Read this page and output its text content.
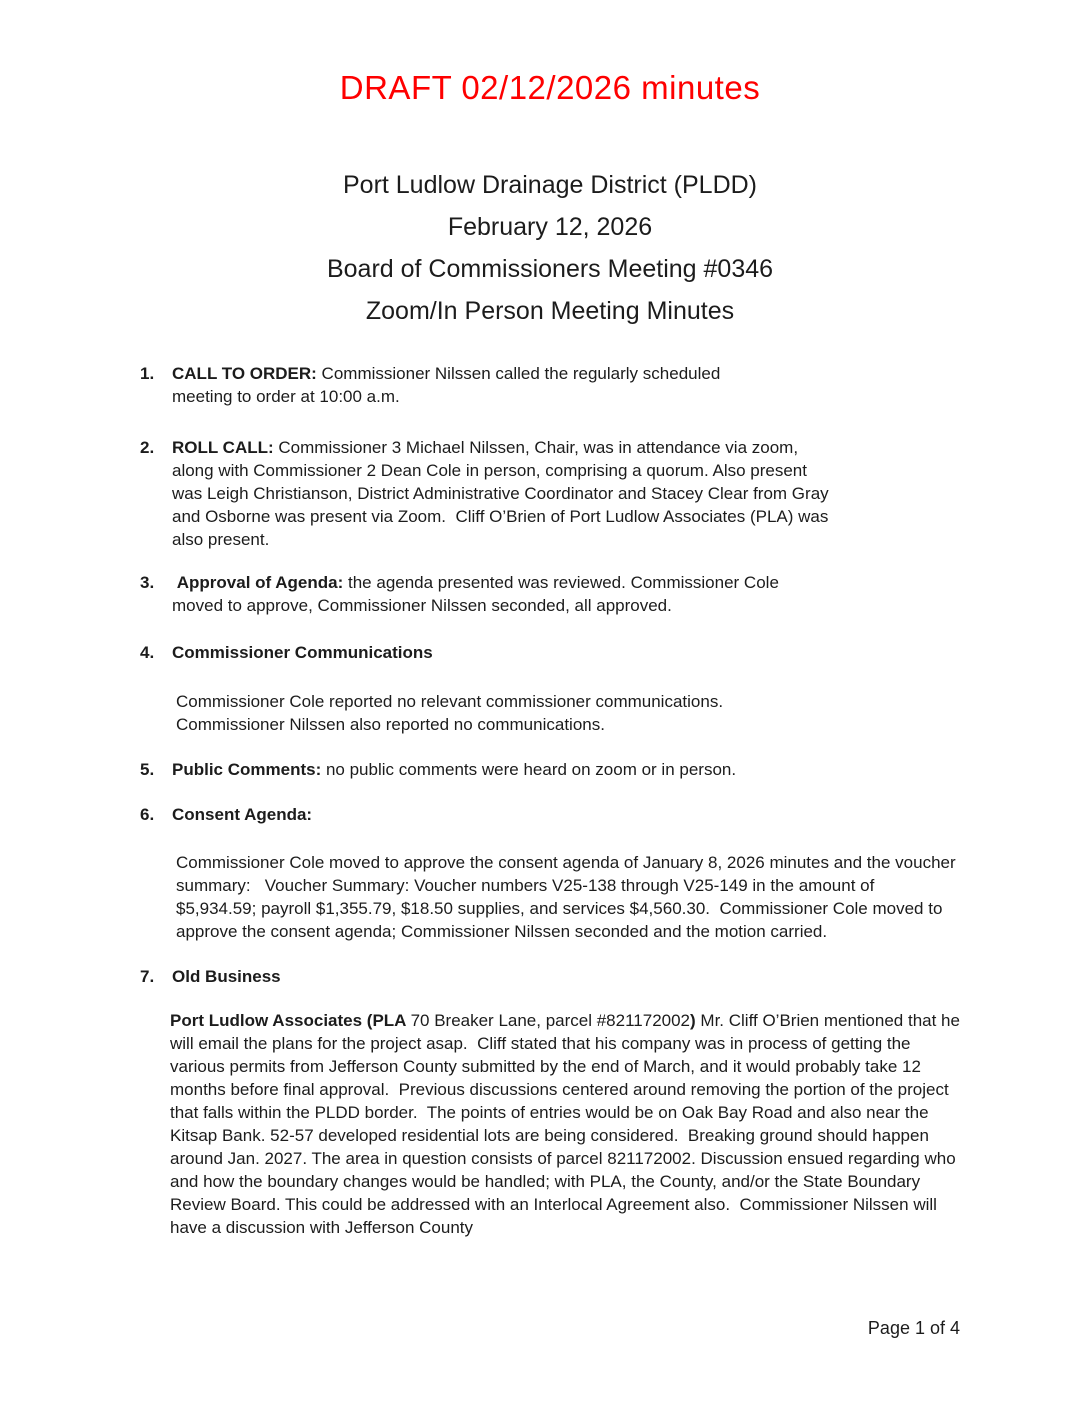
DRAFT 02/12/2026 minutes

Port Ludlow Drainage District (PLDD)

February 12, 2026

Board of Commissioners Meeting #0346

Zoom/In Person Meeting Minutes

1.	CALL TO ORDER: Commissioner Nilssen called the regularly scheduled meeting to order at 10:00 a.m.
2.	ROLL CALL: Commissioner 3 Michael Nilssen, Chair, was in attendance via zoom, along with Commissioner 2 Dean Cole in person, comprising a quorum. Also present was Leigh Christianson, District Administrative Coordinator and Stacey Clear from Gray and Osborne was present via Zoom.  Cliff O’Brien of Port Ludlow Associates (PLA) was also present.
3.	Approval of Agenda: the agenda presented was reviewed. Commissioner Cole moved to approve, Commissioner Nilssen seconded, all approved.
4.	Commissioner Communications
Commissioner Cole reported no relevant commissioner communications. Commissioner Nilssen also reported no communications.
5.	Public Comments: no public comments were heard on zoom or in person.
6.	Consent Agenda:
Commissioner Cole moved to approve the consent agenda of January 8, 2026 minutes and the voucher summary:   Voucher Summary: Voucher numbers V25-138 through V25-149 in the amount of $5,934.59; payroll $1,355.79, $18.50 supplies, and services $4,560.30.  Commissioner Cole moved to approve the consent agenda; Commissioner Nilssen seconded and the motion carried.
7.	Old Business
Port Ludlow Associates (PLA 70 Breaker Lane, parcel #821172002) Mr. Cliff O’Brien mentioned that he will email the plans for the project asap.  Cliff stated that his company was in process of getting the various permits from Jefferson County submitted by the end of March, and it would probably take 12 months before final approval.  Previous discussions centered around removing the portion of the project that falls within the PLDD border.  The points of entries would be on Oak Bay Road and also near the Kitsap Bank. 52-57 developed residential lots are being considered.  Breaking ground should happen around Jan. 2027. The area in question consists of parcel 821172002. Discussion ensued regarding who and how the boundary changes would be handled; with PLA, the County, and/or the State Boundary Review Board. This could be addressed with an Interlocal Agreement also.  Commissioner Nilssen will have a discussion with Jefferson County
Page 1 of 4
